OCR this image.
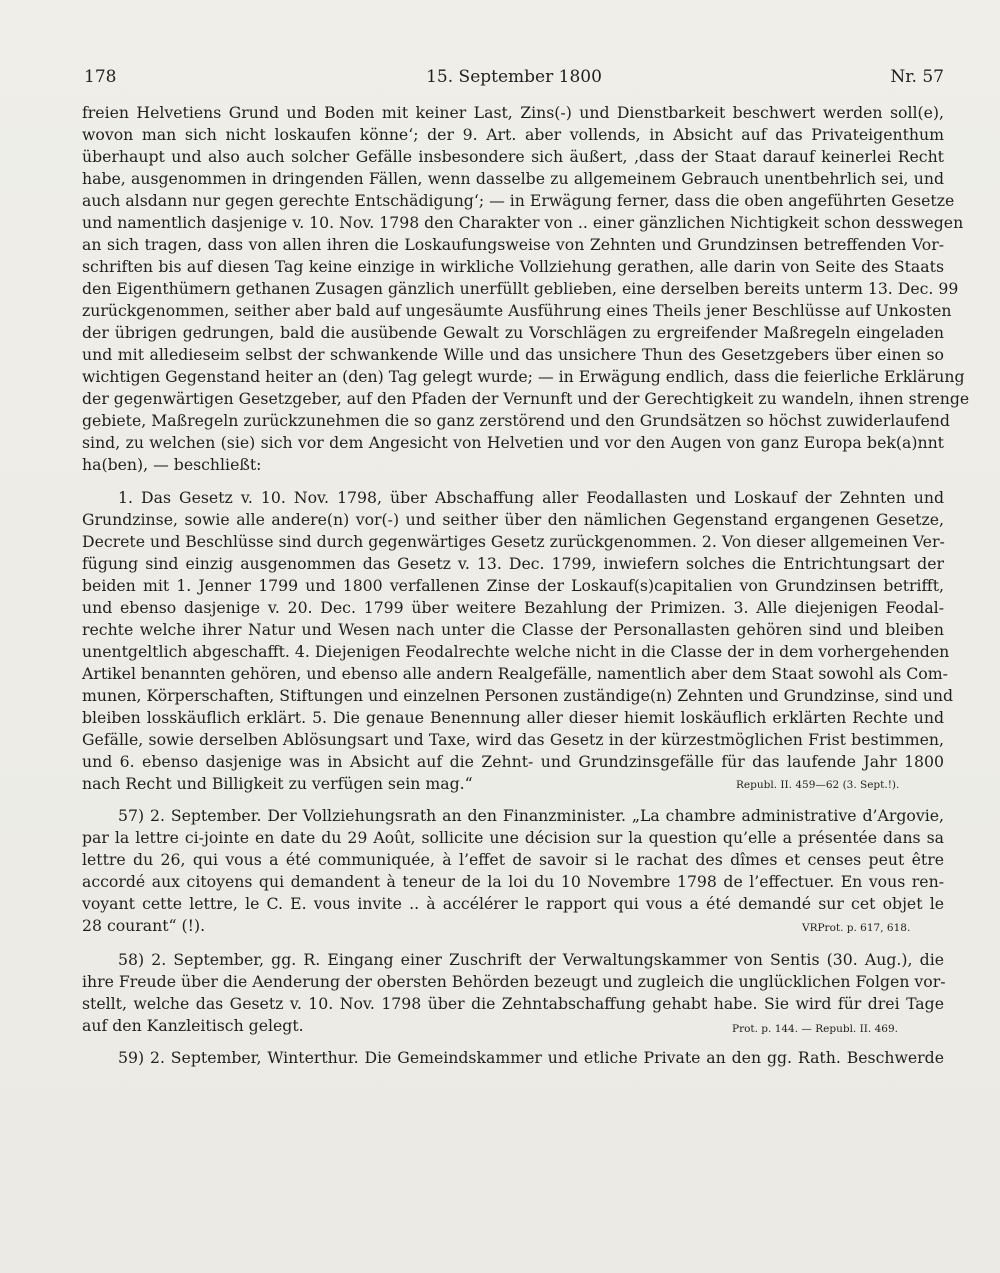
178	15. September 1800	Nr. 57
freien Helvetiens Grund und Boden mit keiner Last, Zins(-) und Dienstbarkeit beschwert werden soll(e),
wovon man sich nicht loskaufen könne‘; der 9. Art. aber vollends, in Absicht auf das Privateigenthum
überhaupt und also auch solcher Gefälle insbesondere sich äußert, ‚dass der Staat darauf keinerlei Recht
habe, ausgenommen in dringenden Fällen, wenn dasselbe zu allgemeinem Gebrauch unentbehrlich sei, und
auch alsdann nur gegen gerechte Entschädigung‘; — in Erwägung ferner, dass die oben angeführten Gesetze
und namentlich dasjenige v. 10. Nov. 1798 den Charakter von .. einer gänzlichen Nichtigkeit schon desswegen
an sich tragen, dass von allen ihren die Loskaufungsweise von Zehnten und Grundzinsen betreffenden Vor-
schriften bis auf diesen Tag keine einzige in wirkliche Vollziehung gerathen, alle darin von Seite des Staats
den Eigenthümern gethanen Zusagen gänzlich unerfüllt geblieben, eine derselben bereits unterm 13. Dec. 99
zurückgenommen, seither aber bald auf ungesäumte Ausführung eines Theils jener Beschlüsse auf Unkosten
der übrigen gedrungen, bald die ausübende Gewalt zu Vorschlägen zu ergreifender Maßregeln eingeladen
und mit alledieseim selbst der schwankende Wille und das unsichere Thun des Gesetzgebers über einen so
wichtigen Gegenstand heiter an (den) Tag gelegt wurde; — in Erwägung endlich, dass die feierliche Erklärung
der gegenwärtigen Gesetzgeber, auf den Pfaden der Vernunft und der Gerechtigkeit zu wandeln, ihnen strenge
gebiete, Maßregeln zurückzunehmen die so ganz zerstörend und den Grundsätzen so höchst zuwiderlaufend
sind, zu welchen (sie) sich vor dem Angesicht von Helvetien und vor den Augen von ganz Europa bek(a)nnt
ha(ben), — beschließt:
1. Das Gesetz v. 10. Nov. 1798, über Abschaffung aller Feodallasten und Loskauf der Zehnten und
Grundzinse, sowie alle andere(n) vor(-) und seither über den nämlichen Gegenstand ergangenen Gesetze,
Decrete und Beschlüsse sind durch gegenwärtiges Gesetz zurückgenommen. 2. Von dieser allgemeinen Ver-
fügung sind einzig ausgenommen das Gesetz v. 13. Dec. 1799, inwiefern solches die Entrichtungsart der
beiden mit 1. Jenner 1799 und 1800 verfallenen Zinse der Loskauf(s)capitalien von Grundzinsen betrifft,
und ebenso dasjenige v. 20. Dec. 1799 über weitere Bezahlung der Primizen. 3. Alle diejenigen Feodal-
rechte welche ihrer Natur und Wesen nach unter die Classe der Personallasten gehören sind und bleiben
unentgeltlich abgeschafft. 4. Diejenigen Feodalrechte welche nicht in die Classe der in dem vorhergehenden
Artikel benannten gehören, und ebenso alle andern Realgefälle, namentlich aber dem Staat sowohl als Com-
munen, Körperschaften, Stiftungen und einzelnen Personen zuständige(n) Zehnten und Grundzinse, sind und
bleiben losskäuflich erklärt. 5. Die genaue Benennung aller dieser hiemit loskäuflich erklärten Rechte und
Gefälle, sowie derselben Ablösungsart und Taxe, wird das Gesetz in der kürzestmöglichen Frist bestimmen,
und 6. ebenso dasjenige was in Absicht auf die Zehnt- und Grundzinsgefälle für das laufende Jahr 1800
nach Recht und Billigkeit zu verfügen sein mag.“	Republ. II. 459—62 (3. Sept.!).
57) 2. September. Der Vollziehungsrath an den Finanzminister. „La chambre administrative d’Argovie,
par la lettre ci-jointe en date du 29 Août, sollicite une décision sur la question qu’elle a présentée dans sa
lettre du 26, qui vous a été communiquée, à l’effet de savoir si le rachat des dîmes et censes peut être
accordé aux citoyens qui demandent à teneur de la loi du 10 Novembre 1798 de l’effectuer. En vous ren-
voyant cette lettre, le C. E. vous invite .. à accélérer le rapport qui vous a été demandé sur cet objet le
28 courant“ (!).	VRProt. p. 617, 618.
58) 2. September, gg. R. Eingang einer Zuschrift der Verwaltungskammer von Sentis (30. Aug.), die
ihre Freude über die Aenderung der obersten Behörden bezeugt und zugleich die unglücklichen Folgen vor-
stellt, welche das Gesetz v. 10. Nov. 1798 über die Zehntabschaffung gehabt habe. Sie wird für drei Tage
auf den Kanzleitisch gelegt.	Prot. p. 144. — Republ. II. 469.
59) 2. September, Winterthur. Die Gemeindskammer und etliche Private an den gg. Rath. Beschwerde
